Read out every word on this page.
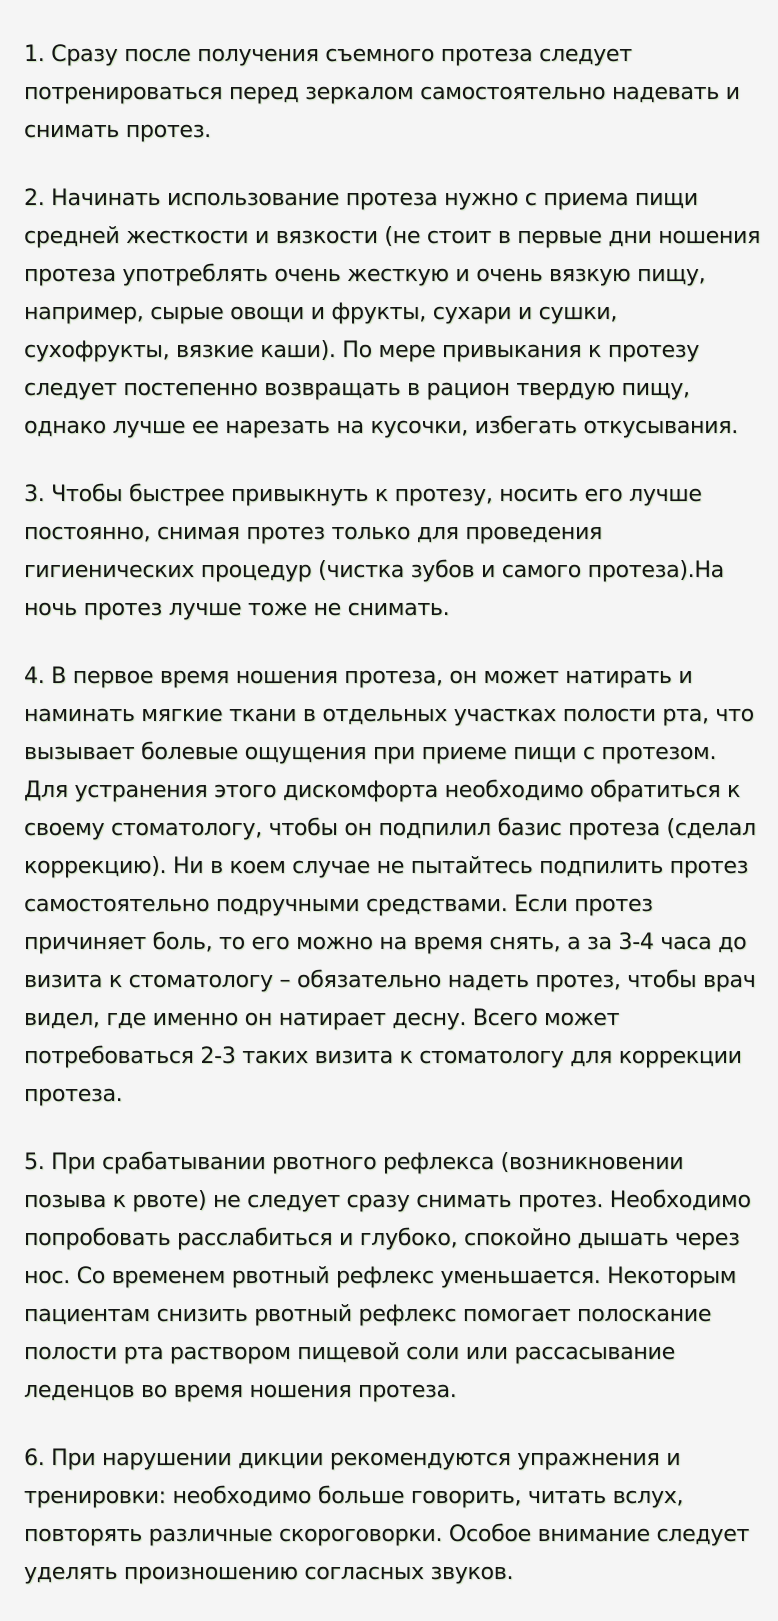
1. Сразу после получения съемного протеза следует потренироваться перед зеркалом самостоятельно надевать и снимать протез.

2. Начинать использование протеза нужно с приема пищи средней жесткости и вязкости (не стоит в первые дни ношения протеза употреблять очень жесткую и очень вязкую пищу, например, сырые овощи и фрукты, сухари и сушки, сухофрукты, вязкие каши). По мере привыкания к протезу следует постепенно возвращать в рацион твердую пищу, однако лучше ее нарезать на кусочки, избегать откусывания.

3. Чтобы быстрее привыкнуть к протезу, носить его лучше постоянно, снимая протез только для проведения гигиенических процедур (чистка зубов и самого протеза).На ночь протез лучше тоже не снимать.

4. В первое время ношения протеза, он может натирать и наминать мягкие ткани в отдельных участках полости рта, что вызывает болевые ощущения при приеме пищи с протезом. Для устранения этого дискомфорта необходимо обратиться к своему стоматологу, чтобы он подпилил базис протеза (сделал коррекцию). Ни в коем случае не пытайтесь подпилить протез самостоятельно подручными средствами. Если протез причиняет боль, то его можно на время снять, а за 3-4 часа до визита к стоматологу – обязательно надеть протез, чтобы врач видел, где именно он натирает десну. Всего может потребоваться 2-3 таких визита к стоматологу для коррекции протеза.

5. При срабатывании рвотного рефлекса (возникновении позыва к рвоте) не следует сразу снимать протез. Необходимо попробовать расслабиться и глубоко, спокойно дышать через нос. Со временем рвотный рефлекс уменьшается. Некоторым пациентам снизить рвотный рефлекс помогает полоскание полости рта раствором пищевой соли или рассасывание леденцов во время ношения протеза.

6. При нарушении дикции рекомендуются упражнения и тренировки: необходимо больше говорить, читать вслух, повторять различные скороговорки. Особое внимание следует уделять произношению согласных звуков.
